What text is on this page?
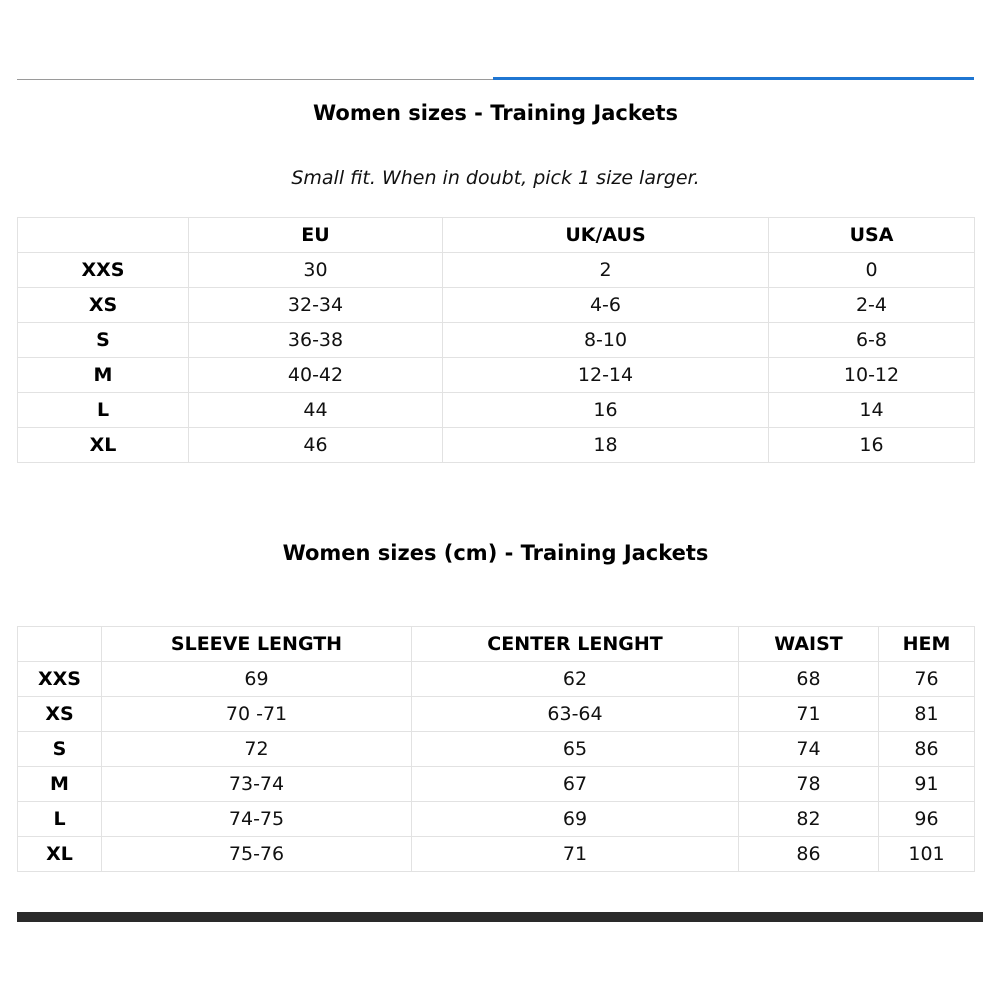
Women sizes - Training Jackets
Small fit. When in doubt, pick 1 size larger.
	EU	UK/AUS	USA
XXS	30	2	0
XS	32-34	4-6	2-4
S	36-38	8-10	6-8
M	40-42	12-14	10-12
L	44	16	14
XL	46	18	16
Women sizes (cm) - Training Jackets
	SLEEVE LENGTH	CENTER LENGHT	WAIST	HEM
XXS	69	62	68	76
XS	70 -71	63-64	71	81
S	72	65	74	86
M	73-74	67	78	91
L	74-75	69	82	96
XL	75-76	71	86	101
